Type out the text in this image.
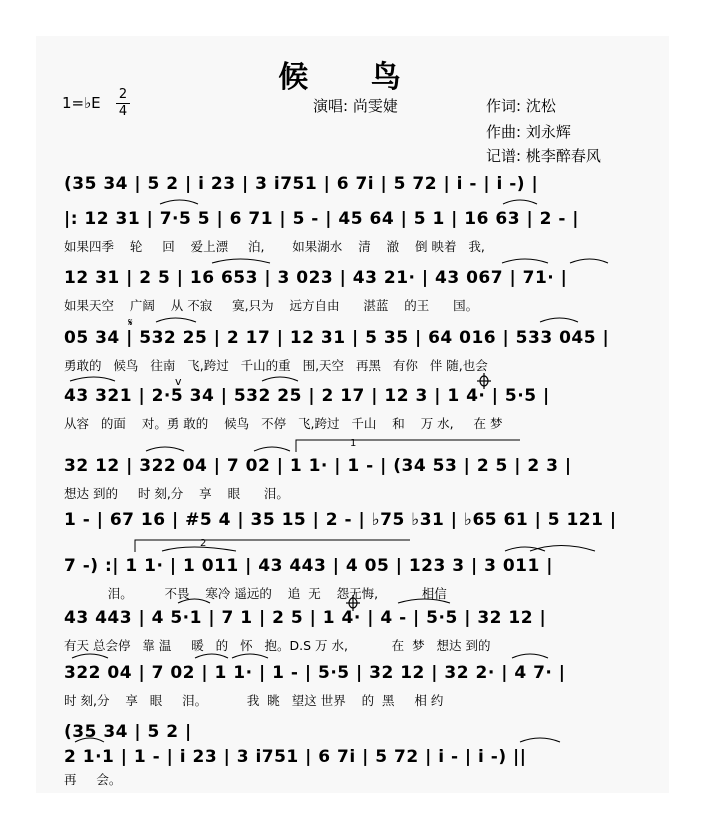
候 鸟
1=♭E 2
4	演唱: 尚雯婕	作词: 沈松
作曲: 刘永辉
记谱: 桃李醉春风
(35 34 | 5 2 | i 23 | 3 i751 | 6 7i | 5 72 | i - | i -) |
|: 12 31 | 7·5 5 | 6 71 | 5 - | 45 64 | 5 1 | 16 63 | 2 - |
如果四季    轮     回    爱上漂     泊,       如果湖水    清    澈    倒 映着   我,
12 31 | 2 5 | 16 653 | 3 023 | 43 21· | 43 067 | 71· |
如果天空    广阔    从 不寂     寞,只为    远方自由      湛蓝    的王      国。
05 34 | 532 25 | 2 17 | 12 31 | 5 35 | 64 016 | 533 045 |
勇敢的   候鸟   往南   飞,跨过   千山的重   围,天空   再黑   有你   伴 随,也会
43 321 | 2·5 34 | 532 25 | 2 17 | 12 3 | 1 4· | 5·5 |
从容   的面    对。勇 敢的    候鸟   不停   飞,跨过   千山    和    万 水,     在 梦
32 12 | 322 04 | 7 02 | 1 1· | 1 - | (34 53 | 2 5 | 2 3 |
想达 到的     时 刻,分    享    眼      泪。
1 - | 67 16 | #5 4 | 35 15 | 2 - | ♭75 ♭31 | ♭65 61 | 5 121 |
7 -) :| 1 1· | 1 011 | 43 443 | 4 05 | 123 3 | 3 011 |
泪。        不畏    寒冷 遥远的    追  无    怨无悔,           相信
43 443 | 4 5·1 | 7 1 | 2 5 | 1 4· | 4 - | 5·5 | 32 12 |
有天 总会停   靠 温     暖   的   怀   抱。D.S 万 水,           在  梦   想达 到的
322 04 | 7 02 | 1 1· | 1 - | 5·5 | 32 12 | 32 2· | 4 7· |
时 刻,分    享   眼     泪。          我  眺   望这 世界    的  黑     相 约
(35 34 | 5 2 |
2 1·1 | 1 - | i 23 | 3 i751 | 6 7i | 5 72 | i - | i -) ||
再     会。
1
2
𝄋
v
